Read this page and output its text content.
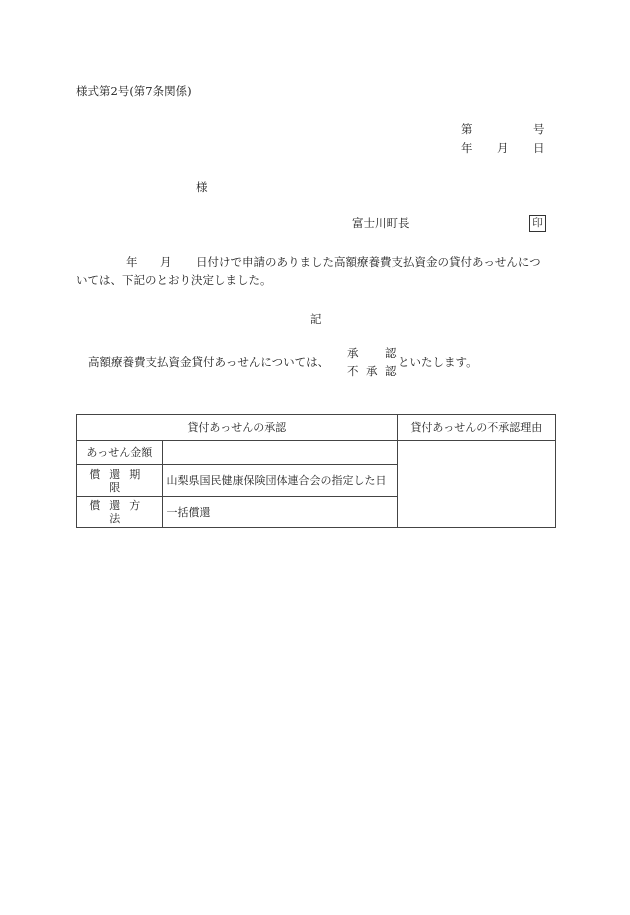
様式第2号(第7条関係)
第	号
年 月 日
様
富士川町長	印
年 月 日付けで申請のありました高額療養費支払資金の貸付あっせんにつ
いては、下記のとおり決定しました。
記
高額療養費支払資金貸付あっせんについては、
承 認
不 承 認
といたします。
貸付あっせんの承認		貸付あっせんの不承認理由
あっせん金額		
償還期限	山梨県国民健康保険団体連合会の指定した日	
償還方法	一括償還	
